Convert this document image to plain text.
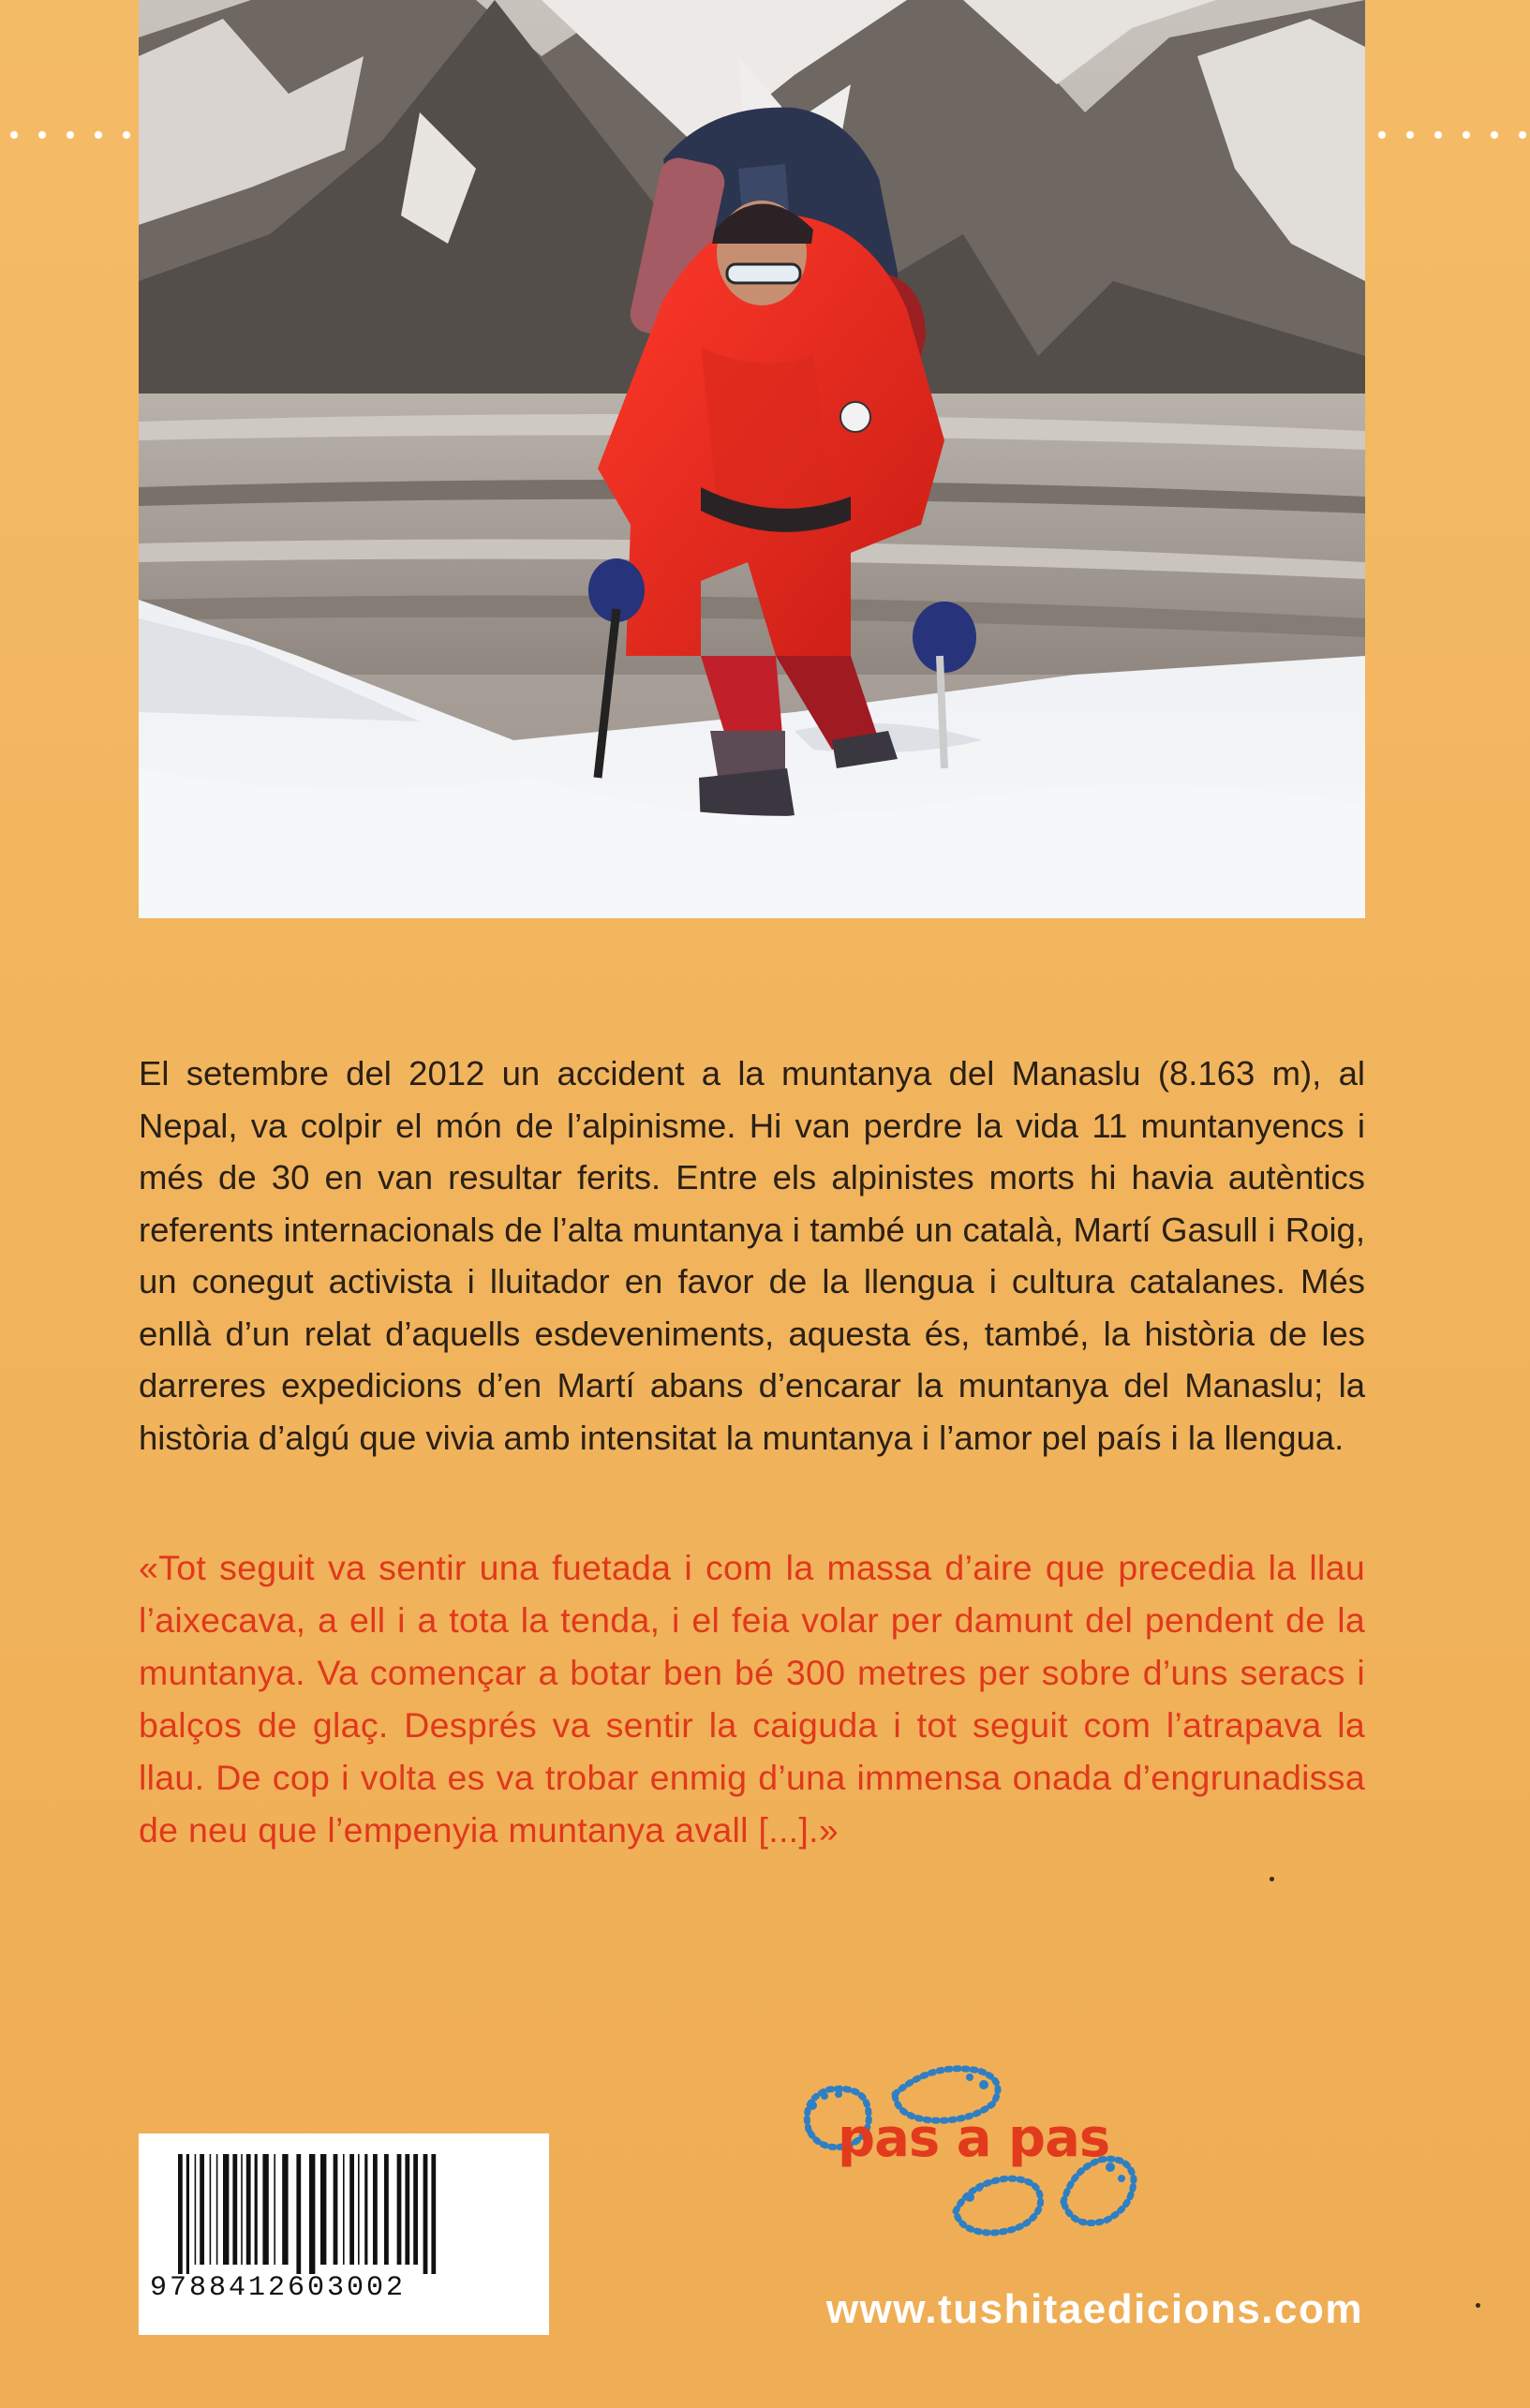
El setembre del 2012 un accident a la muntanya del Manaslu (8.163 m), al Nepal, va colpir el món de l’alpinisme. Hi van perdre la vida 11 muntanyencs i més de 30 en van resultar ferits. Entre els alpinistes morts hi havia autèntics referents internacionals de l’alta muntanya i també un català, Martí Gasull i Roig, un conegut activista i lluitador en favor de la llengua i cultura catalanes. Més enllà d’un relat d’aquells esdeveniments, aquesta és, també, la història de les darreres expedicions d’en Martí abans d’encarar la muntanya del Manaslu; la història d’algú que vivia amb intensitat la muntanya i l’amor pel país i la llengua.

«Tot seguit va sentir una fuetada i com la massa d’aire que precedia la llau l’aixecava, a ell i a tota la tenda, i el feia volar per damunt del pendent de la muntanya. Va començar a botar ben bé 300 metres per sobre d’uns seracs i balços de glaç. Després va sentir la caiguda i tot seguit com l’atrapava la llau. De cop i volta es va trobar enmig d’una immensa onada d’engrunadissa de neu que l’empenyia muntanya avall [...].»

9788412603002
pas a pas
www.tushitaedicions.com
